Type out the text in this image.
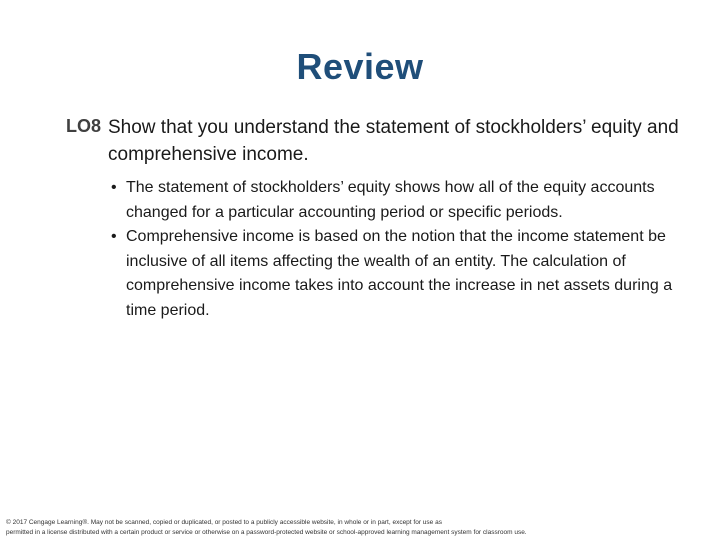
Review
LO8 Show that you understand the statement of stockholders’ equity and comprehensive income.
• The statement of stockholders’ equity shows how all of the equity accounts changed for a particular accounting period or specific periods.
• Comprehensive income is based on the notion that the income statement be inclusive of all items affecting the wealth of an entity. The calculation of comprehensive income takes into account the increase in net assets during a time period.
© 2017 Cengage Learning®. May not be scanned, copied or duplicated, or posted to a publicly accessible website, in whole or in part, except for use as
permitted in a license distributed with a certain product or service or otherwise on a password-protected website or school-approved learning management system for classroom use.
